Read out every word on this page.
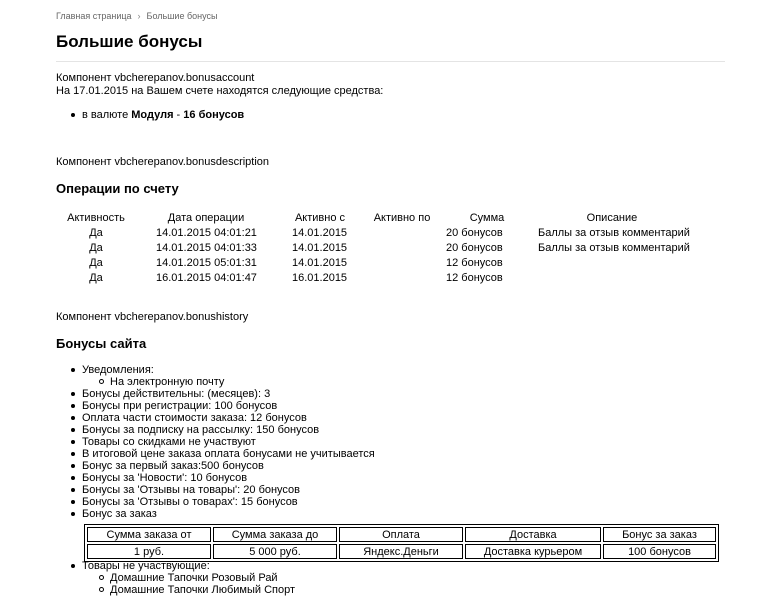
Главная страница › Большие бонусы
Большие бонусы
Компонент vbcherepanov.bonusaccount
На 17.01.2015 на Вашем счете находятся следующие средства:
в валюте Модуля - 16 бонусов
Компонент vbcherepanov.bonusdescription
Операции по счету
Активность	Дата операции	Активно с	Активно по	Сумма	Описание
Да	14.01.2015 04:01:21	14.01.2015		20 бонусов	Баллы за отзыв комментарий
Да	14.01.2015 04:01:33	14.01.2015		20 бонусов	Баллы за отзыв комментарий
Да	14.01.2015 05:01:31	14.01.2015		12 бонусов	
Да	16.01.2015 04:01:47	16.01.2015		12 бонусов	
Компонент vbcherepanov.bonushistory
Бонусы сайта
Уведомления:
На электронную почту
Бонусы действительны: (месяцев): 3
Бонусы при регистрации: 100 бонусов
Оплата части стоимости заказа: 12 бонусов
Бонусы за подписку на рассылку: 150 бонусов
Товары со скидками не участвуют
В итоговой цене заказа оплата бонусами не учитывается
Бонус за первый заказ:500 бонусов
Бонусы за 'Новости': 10 бонусов
Бонусы за 'Отзывы на товары': 20 бонусов
Бонусы за 'Отзывы о товарах': 15 бонусов
Бонус за заказ
Сумма заказа от	Сумма заказа до	Оплата	Доставка	Бонус за заказ
1 руб.	5 000 руб.	Яндекс.Деньги	Доставка курьером	100 бонусов
Товары не участвующие:
Домашние Тапочки Розовый Рай
Домашние Тапочки Любимый Спорт
